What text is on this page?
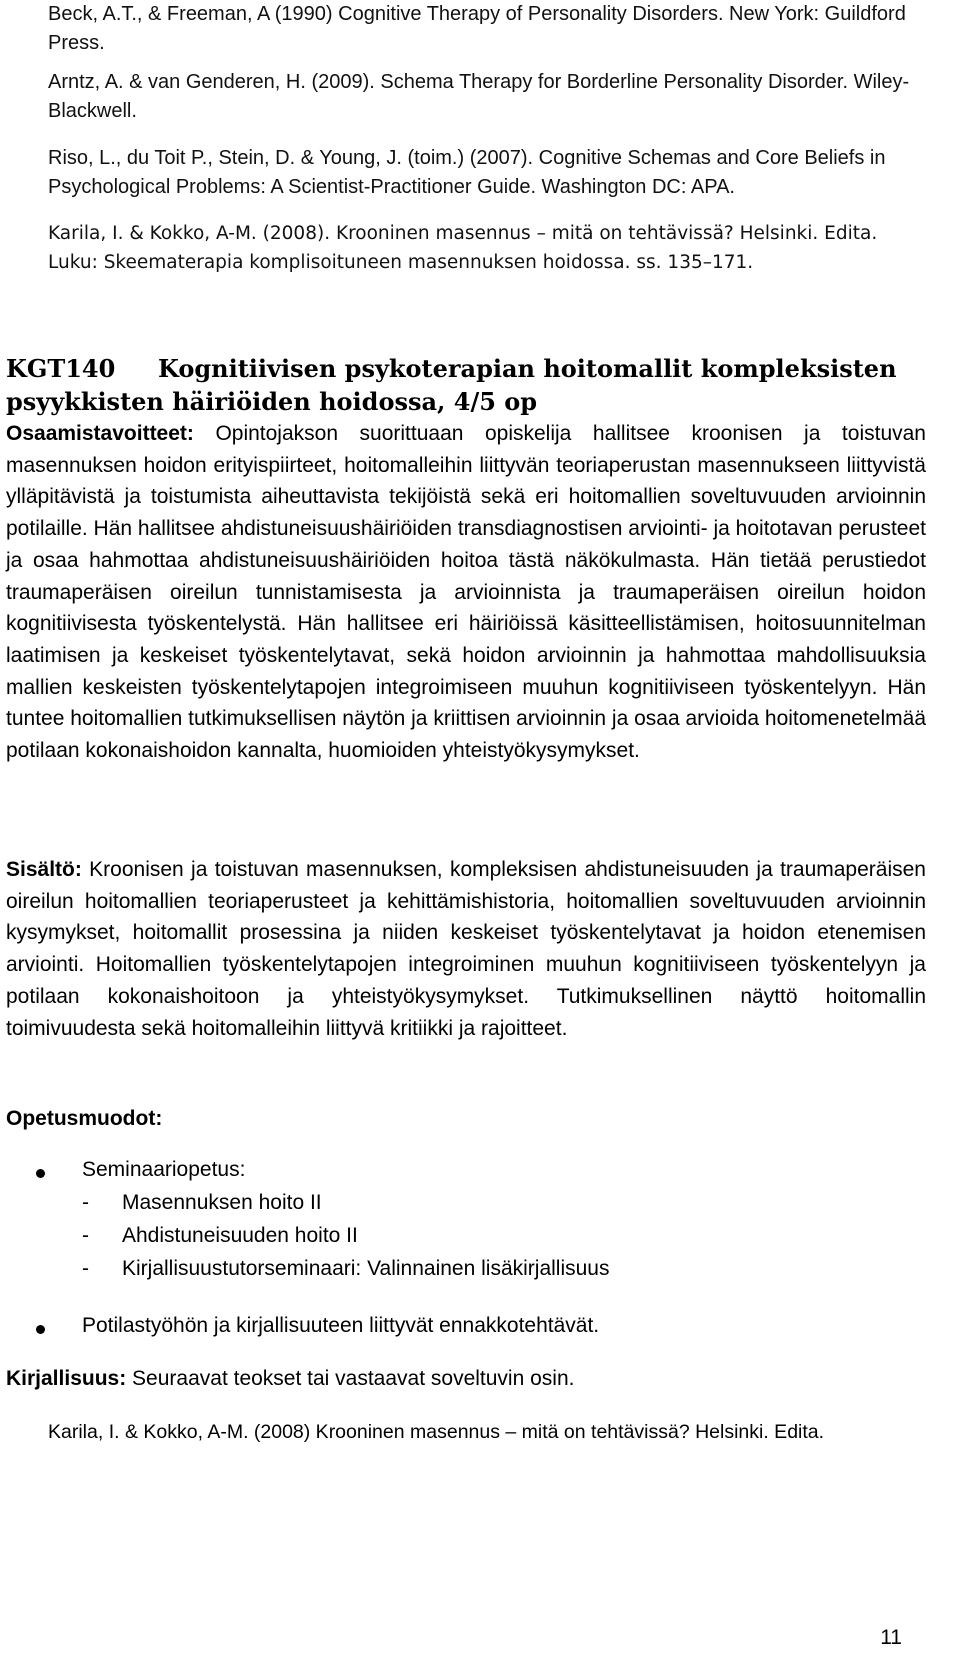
Beck, A.T., & Freeman, A (1990) Cognitive Therapy of Personality Disorders. New York: Guildford Press.
Arntz, A. & van Genderen, H. (2009). Schema Therapy for Borderline Personality Disorder. Wiley-Blackwell.
Riso, L., du Toit P., Stein, D. & Young, J. (toim.) (2007). Cognitive Schemas and Core Beliefs in Psychological Problems: A Scientist-Practitioner Guide. Washington DC: APA.
Karila, I. & Kokko, A-M. (2008). Krooninen masennus – mitä on tehtävissä? Helsinki. Edita. Luku: Skeematerapia komplisoituneen masennuksen hoidossa. ss. 135–171.
KGT140 Kognitiivisen psykoterapian hoitomallit kompleksisten
psyykkisten häiriöiden hoidossa, 4/5 op
Osaamistavoitteet: Opintojakson suorittuaan opiskelija hallitsee kroonisen ja toistuvan masennuksen hoidon erityispiirteet, hoitomalleihin liittyvän teoriaperustan masennukseen liittyvistä ylläpitävistä ja toistumista aiheuttavista tekijöistä sekä eri hoitomallien soveltuvuuden arvioinnin potilaille. Hän hallitsee ahdistuneisuushäiriöiden transdiagnostisen arviointi- ja hoitotavan perusteet ja osaa hahmottaa ahdistuneisuushäiriöiden hoitoa tästä näkökulmasta. Hän tietää perustiedot traumaperäisen oireilun tunnistamisesta ja arvioinnista ja traumaperäisen oireilun hoidon kognitiivisesta työskentelystä. Hän hallitsee eri häiriöissä käsitteellistämisen, hoitosuunnitelman laatimisen ja keskeiset työskentelytavat, sekä hoidon arvioinnin ja hahmottaa mahdollisuuksia mallien keskeisten työskentelytapojen integroimiseen muuhun kognitiiviseen työskentelyyn. Hän tuntee hoitomallien tutkimuksellisen näytön ja kriittisen arvioinnin ja osaa arvioida hoitomenetelmää potilaan kokonaishoidon kannalta, huomioiden yhteistyökysymykset.
Sisältö: Kroonisen ja toistuvan masennuksen, kompleksisen ahdistuneisuuden ja traumaperäisen oireilun hoitomallien teoriaperusteet ja kehittämishistoria, hoitomallien soveltuvuuden arvioinnin kysymykset, hoitomallit prosessina ja niiden keskeiset työskentelytavat ja hoidon etenemisen arviointi. Hoitomallien työskentelytapojen integroiminen muuhun kognitiiviseen työskentelyyn ja potilaan kokonaishoitoon ja yhteistyökysymykset. Tutkimuksellinen näyttö hoitomallin toimivuudesta sekä hoitomalleihin liittyvä kritiikki ja rajoitteet.
Opetusmuodot:
Seminaariopetus:
- Masennuksen hoito II
- Ahdistuneisuuden hoito II
- Kirjallisuustutorseminaari: Valinnainen lisäkirjallisuus
Potilastyöhön ja kirjallisuuteen liittyvät ennakkotehtävät.
Kirjallisuus: Seuraavat teokset tai vastaavat soveltuvin osin.
Karila, I. & Kokko, A-M. (2008) Krooninen masennus – mitä on tehtävissä? Helsinki. Edita.
11
